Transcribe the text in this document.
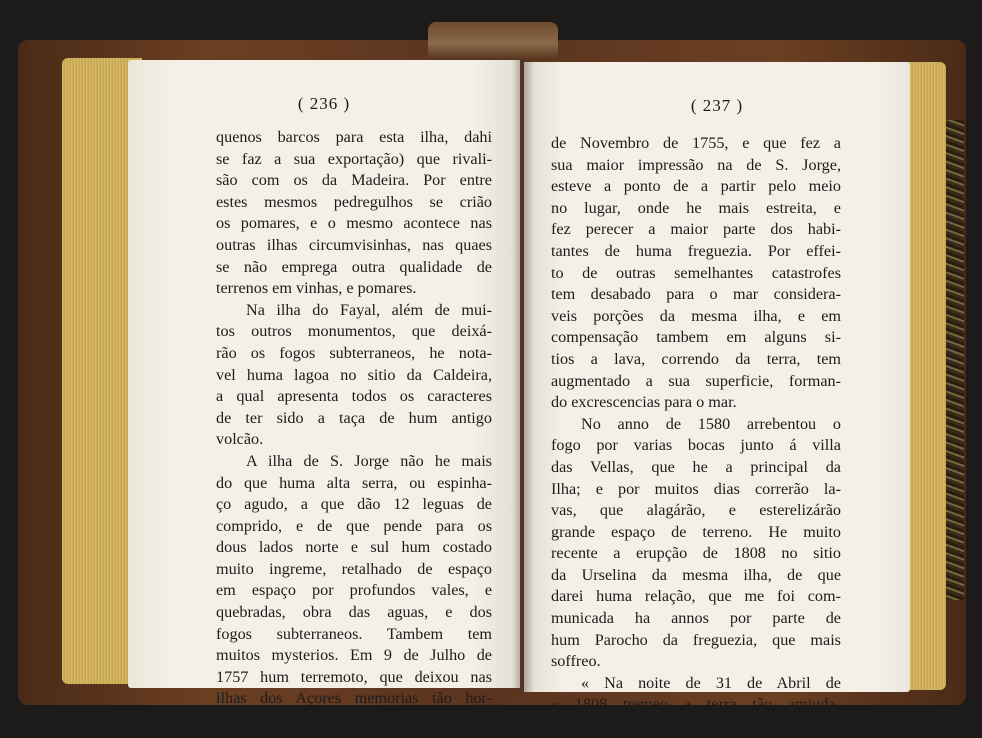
( 236 )
quenos barcos para esta ilha, dahi
se faz a sua exportação) que rivali-
são com os da Madeira. Por entre
estes mesmos pedregulhos se crião
os pomares, e o mesmo acontece nas
outras ilhas circumvisinhas, nas quaes
se não emprega outra qualidade de
terrenos em vinhas, e pomares.
Na ilha do Fayal, além de mui-
tos outros monumentos, que deixá-
rão os fogos subterraneos, he nota-
vel huma lagoa no sitio da Caldeira,
a qual apresenta todos os caracteres
de ter sido a taça de hum antigo
volcão.
A ilha de S. Jorge não he mais
do que huma alta serra, ou espinha-
ço agudo, a que dão 12 leguas de
comprido, e de que pende para os
dous lados norte e sul hum costado
muito ingreme, retalhado de espaço
em espaço por profundos vales, e
quebradas, obra das aguas, e dos
fogos subterraneos. Tambem tem
muitos mysterios. Em 9 de Julho de
1757 hum terremoto, que deixou nas
ilhas dos Açores memorias tão hor-
rorosas como em Portugal o do 1.°
( 237 )
de Novembro de 1755, e que fez a
sua maior impressão na de S. Jorge,
esteve a ponto de a partir pelo meio
no lugar, onde he mais estreita, e
fez perecer a maior parte dos habi-
tantes de huma freguezia. Por effei-
to de outras semelhantes catastrofes
tem desabado para o mar considera-
veis porções da mesma ilha, e em
compensação tambem em alguns si-
tios a lava, correndo da terra, tem
augmentado a sua superficie, forman-
do excrescencias para o mar.
No anno de 1580 arrebentou o
fogo por varias bocas junto á villa
das Vellas, que he a principal da
Ilha; e por muitos dias correrão la-
vas, que alagárão, e esterelizárão
grande espaço de terreno. He muito
recente a erupção de 1808 no sitio
da Urselina da mesma ilha, de que
darei huma relação, que me foi com-
municada ha annos por parte de
hum Parocho da freguezia, que mais
soffreo.
« Na noite de 31 de Abril de
« 1808 tremeo a terra tão amiuda-
« damente, que se contavão 8 tre-
